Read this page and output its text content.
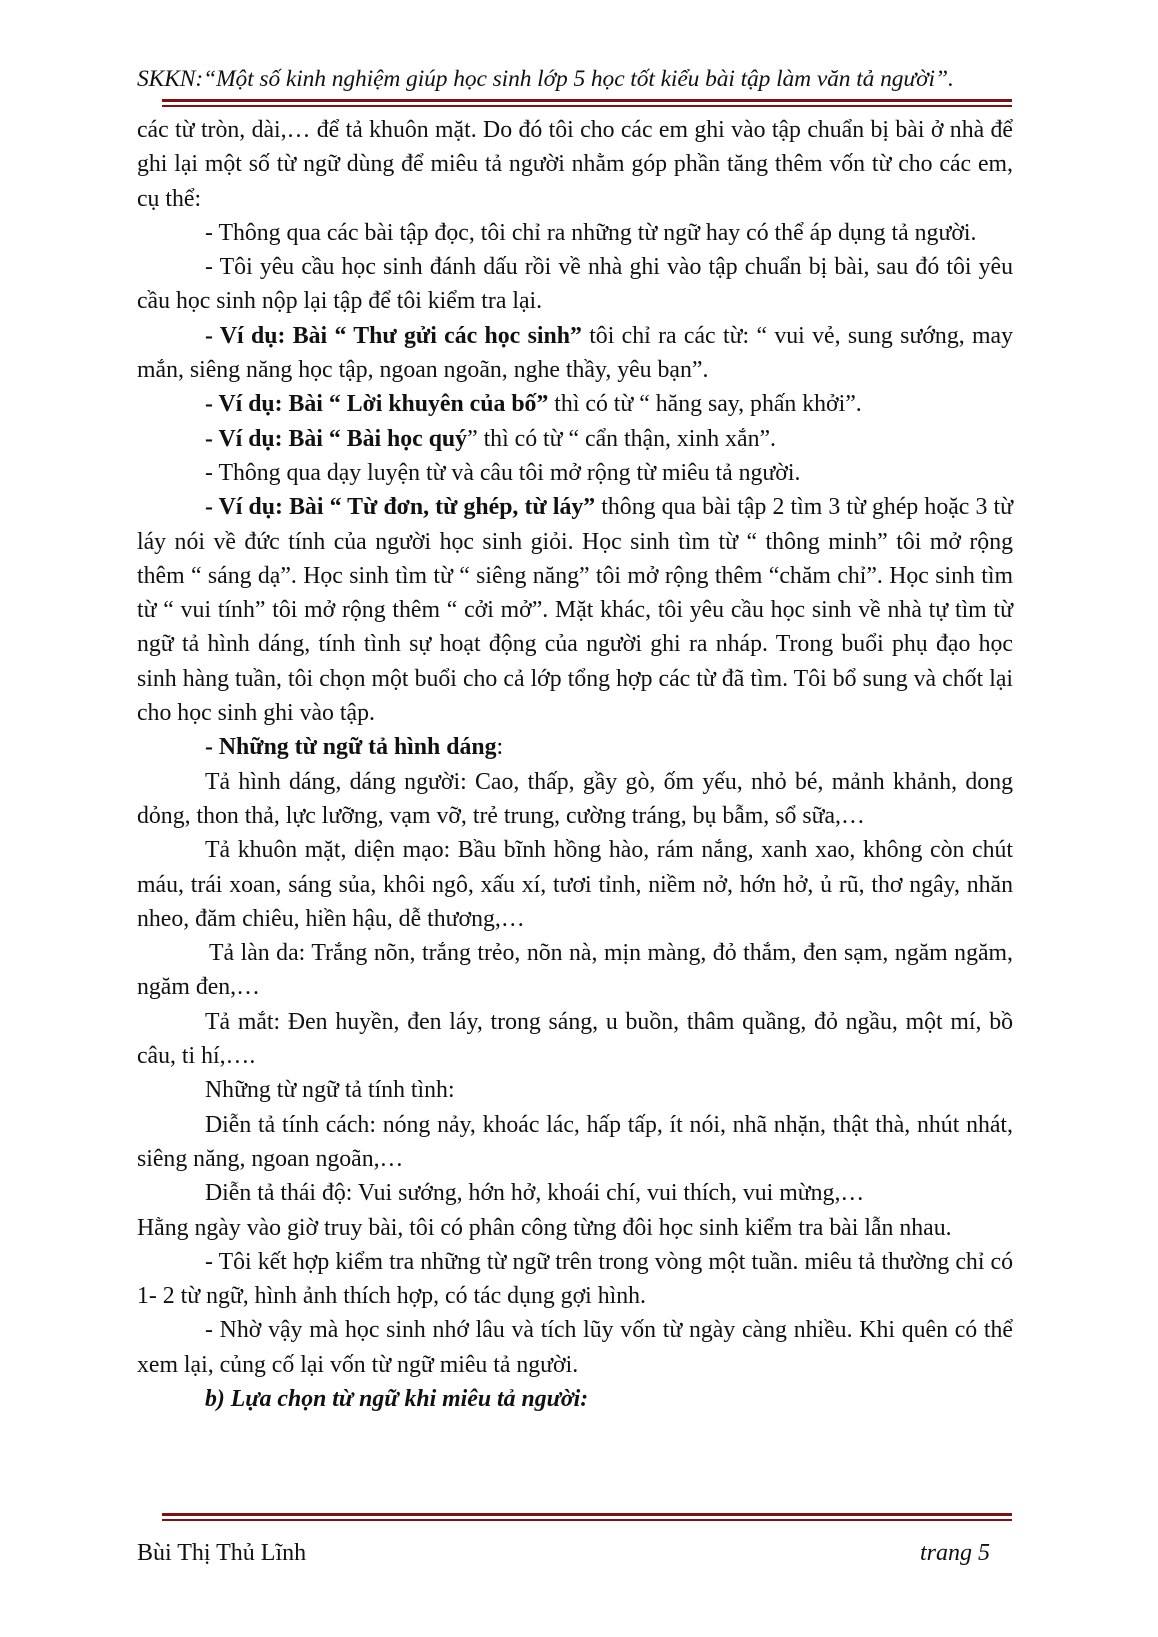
SKKN:“Một số kinh nghiệm giúp học sinh lớp 5 học tốt kiểu bài tập làm văn tả người”.

các từ tròn, dài,… để tả khuôn mặt. Do đó tôi cho các em ghi vào tập chuẩn bị bài ở nhà để ghi lại một số từ ngữ dùng để miêu tả người nhằm góp phần tăng thêm vốn từ cho các em, cụ thể:

- Thông qua các bài tập đọc, tôi chỉ ra những từ ngữ hay có thể áp dụng tả người.

- Tôi yêu cầu học sinh đánh dấu rồi về nhà ghi vào tập chuẩn bị bài, sau đó tôi yêu cầu học sinh nộp lại tập để tôi kiểm tra lại.

- Ví dụ: Bài “ Thư gửi các học sinh” tôi chỉ ra các từ: “ vui vẻ, sung sướng, may mắn, siêng năng học tập, ngoan ngoãn, nghe thầy, yêu bạn”.

- Ví dụ: Bài “ Lời khuyên của bố” thì có từ “ hăng say, phấn khởi”.

- Ví dụ: Bài “ Bài học quý” thì có từ “ cẩn thận, xinh xắn”.

- Thông qua dạy luyện từ và câu tôi mở rộng từ miêu tả người.

- Ví dụ: Bài “ Từ đơn, từ ghép, từ láy” thông qua bài tập 2 tìm 3 từ ghép hoặc 3 từ láy nói về đức tính của người học sinh giỏi. Học sinh tìm từ “ thông minh” tôi mở rộng thêm “ sáng dạ”. Học sinh tìm từ “ siêng năng” tôi mở rộng thêm “chăm chỉ”. Học sinh tìm từ “ vui tính” tôi mở rộng thêm “ cởi mở”. Mặt khác, tôi yêu cầu học sinh về nhà tự tìm từ ngữ tả hình dáng, tính tình sự hoạt động của người ghi ra nháp. Trong buổi phụ đạo học sinh hàng tuần, tôi chọn một buổi cho cả lớp tổng hợp các từ đã tìm. Tôi bổ sung và chốt lại cho học sinh ghi vào tập.

- Những từ ngữ tả hình dáng:

Tả hình dáng, dáng người: Cao, thấp, gầy gò, ốm yếu, nhỏ bé, mảnh khảnh, dong dỏng, thon thả, lực lưỡng, vạm vỡ, trẻ trung, cường tráng, bụ bẫm, sổ sữa,…

Tả khuôn mặt, diện mạo: Bầu bĩnh hồng hào, rám nắng, xanh xao, không còn chút máu, trái xoan, sáng sủa, khôi ngô, xấu xí, tươi tỉnh, niềm nở, hớn hở, ủ rũ, thơ ngây, nhăn nheo, đăm chiêu, hiền hậu, dễ thương,…

Tả làn da: Trắng nõn, trắng trẻo, nõn nà, mịn màng, đỏ thắm, đen sạm, ngăm ngăm, ngăm đen,…

Tả mắt: Đen huyền, đen láy, trong sáng, u buồn, thâm quầng, đỏ ngầu, một mí, bồ câu, ti hí,….

Những từ ngữ tả tính tình:

Diễn tả tính cách: nóng nảy, khoác lác, hấp tấp, ít nói, nhã nhặn, thật thà, nhút nhát, siêng năng, ngoan ngoãn,…

Diễn tả thái độ: Vui sướng, hớn hở, khoái chí, vui thích, vui mừng,…

Hằng ngày vào giờ truy bài, tôi có phân công từng đôi học sinh kiểm tra bài lẫn nhau.

- Tôi kết hợp kiểm tra những từ ngữ trên trong vòng một tuần. miêu tả thường chỉ có 1- 2 từ ngữ, hình ảnh thích hợp, có tác dụng gợi hình.

- Nhờ vậy mà học sinh nhớ lâu và tích lũy vốn từ ngày càng nhiều. Khi quên có thể xem lại, củng cố lại vốn từ ngữ miêu tả người.

b) Lựa chọn từ ngữ khi miêu tả người:

Bùi Thị Thủ Lĩnh	trang 5
